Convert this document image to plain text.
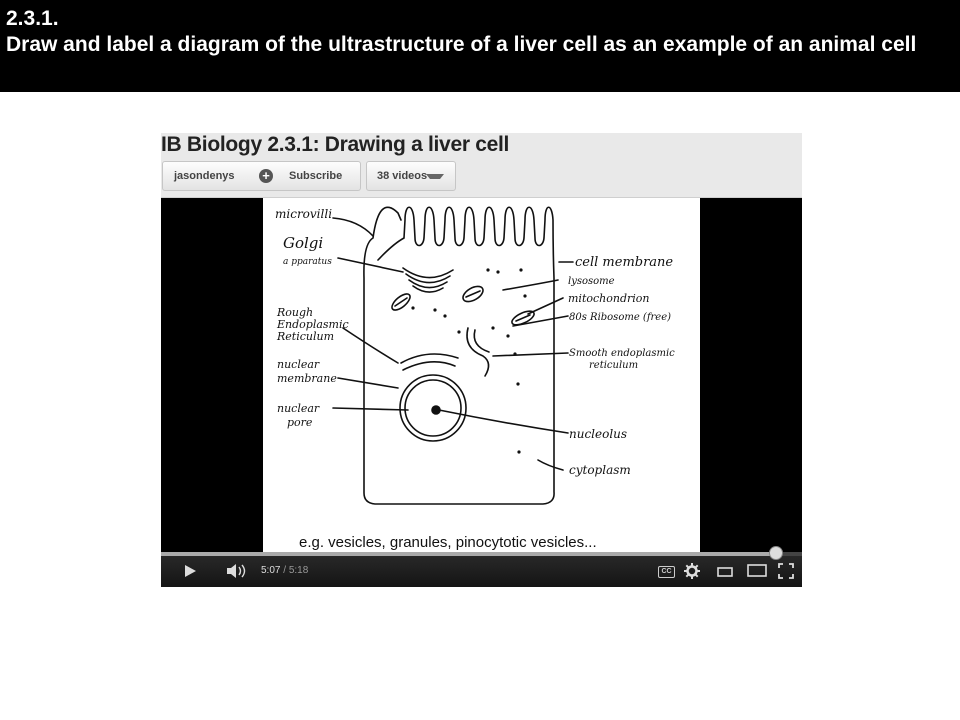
2.3.1.
Draw and label a diagram of the ultrastructure of a liver cell as an example of an animal cell
IB Biology 2.3.1: Drawing a liver cell
jasondenys + Subscribe	38 videos
microvilli
Golgi
a pparatus
Rough
Endoplasmic
Reticulum
nuclear
membrane
nuclear
pore
cell membrane
lysosome
mitochondrion
80s Ribosome (free)
Smooth endoplasmic
reticulum
nucleolus
cytoplasm
e.g. vesicles, granules, pinocytotic vesicles...
5:07 / 5:18	CC
